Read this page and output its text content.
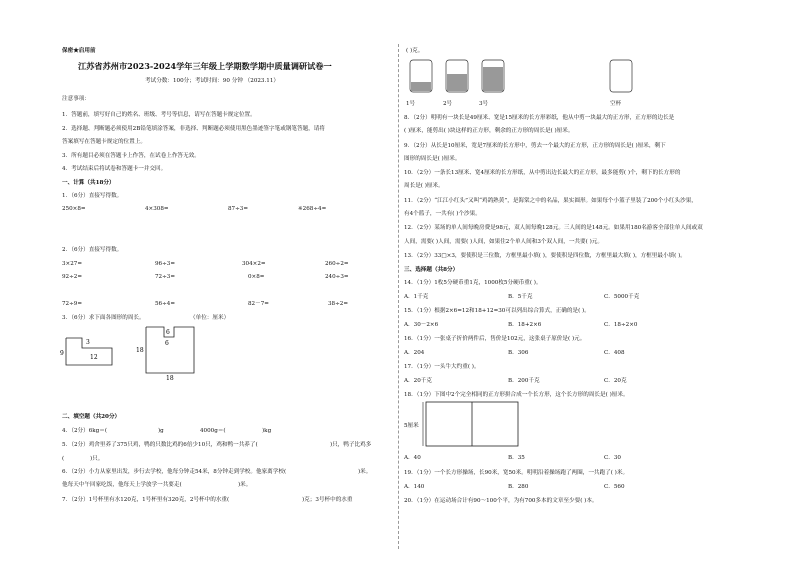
保密★启用前
江苏省苏州市2023-2024学年三年级上学期数学期中质量调研试卷一
考试分数：100分；考试时间：90 分钟 （2023.11）
注意事项：
1．答题前，填写好自己的姓名、班级、考号等信息，请写在答题卡规定位置。
2．选择题、判断题必须使用2B铅笔填涂答案，非选择、判断题必须使用黑色墨迹签字笔或钢笔答题，请将
答案填写在答题卡规定的位置上。
3．所有题目必须在答题卡上作答，在试卷上作答无效。
4．考试结束后将试卷和答题卡一并交回。
一、计算（共18分）
1．（6分）直接写得数。
250×8=	4×308=	87÷3=	※268÷4=
2．（6分）直接写得数。
3×27=	96÷3=	304×2=	260÷2=
92÷2=	72÷3=	0×8=	240÷3=
72÷9=	56÷4=	82－7=	38÷2=
3．（6分）求下面各图形的周长。	（单位：厘米）
9
3
12
18
6
6
18
二、填空题（共20分）
4．（2分）6kg＝(	)g	4000g＝(	)kg
5．（2分）鸡舍里养了375只鸡，鸭的只数比鸡的6倍少10只，鸡和鸭一共养了(	)只，鸭子比鸡多
(	)只。
6．（2分）小力从家里出发，步行去学校，他每分钟走54米，8分钟走到学校。他家离学校(	)米。
他每天中午回家吃饭，他每天上学放学一共要走(	)米。
7．（2分）1号杯里有水120克，1号杯里有320克，2号杯中的水重(	)克；3号杯中的水重
( )克。
1号	2号	3号	空杯
8．（2分）明明有一块长是49厘米、宽是15厘米的长方形彩纸，他从中剪一块最大的正方形，正方形的边长是
( )厘米，能剪出( )块这样的正方形，剩余的正方形的周长是( )厘米。
9．（2分）从长是10厘米，宽是7厘米的长方形中，剪去一个最大的正方形，正方形的周长是( )厘米，剩下
图形的周长是( )厘米。
10．（2分）一条长13厘米、宽4厘米的长方形纸，从中剪出边长最大的正方形，最多能剪( )个，剩下的长方形的
周长是( )厘米。
11．（2分）“江江小红头”又叫“鸡鸽熟黄”，是海棠之中的名品，果实圆形。如果每个小篮子里装了200个小红头沙果，
有4个篮子，一共有( )个沙果。
12．（2分）某场的单人间每晚房费是98元，双人间每晚128元。三人间的是148元。如果用180名游客全部住单人间或双
人间，需要( )人间，需要( )人间，如果住2个单人间和3个双人间，一共要( )元。
13．（2分）33□×3，要使积是三位数，方框里最小填( )，要使积是四位数，方框里最大填( )，方框里最小填( )。
三、选择题（共8分）
14．（1分）1枚5分硬币重1克，1000枚5分硬币重( )。
A．1千克	B．5千克	C．5000千克
15．（1分）根据2×6=12和18+12=30可以列出综合算式，正确的是( )。
A．30－2×6	B．18+2×6	C．18÷2×0
16．（1分）一张桌子折价两件后，售价是102元，这张桌子原价是( )元。
A．204	B．306	C．408
17．（1分）一头牛大约重( )。
A．20千克	B．200千克	C．20克
18．（1分）下图中2个完全相同的正方形拼合成一个长方形，这个长方形的周长是( )厘米。
5厘米
A．40	B．35	C．30
19．（1分）一个长方形操场，长90米，宽50米。明明沿着操场跑了两圈，一共跑了( )米。
A．140	B．280	C．560
20．（1分）在运动场合计有90～100个平，为有700多本的文章至少要( )本。
